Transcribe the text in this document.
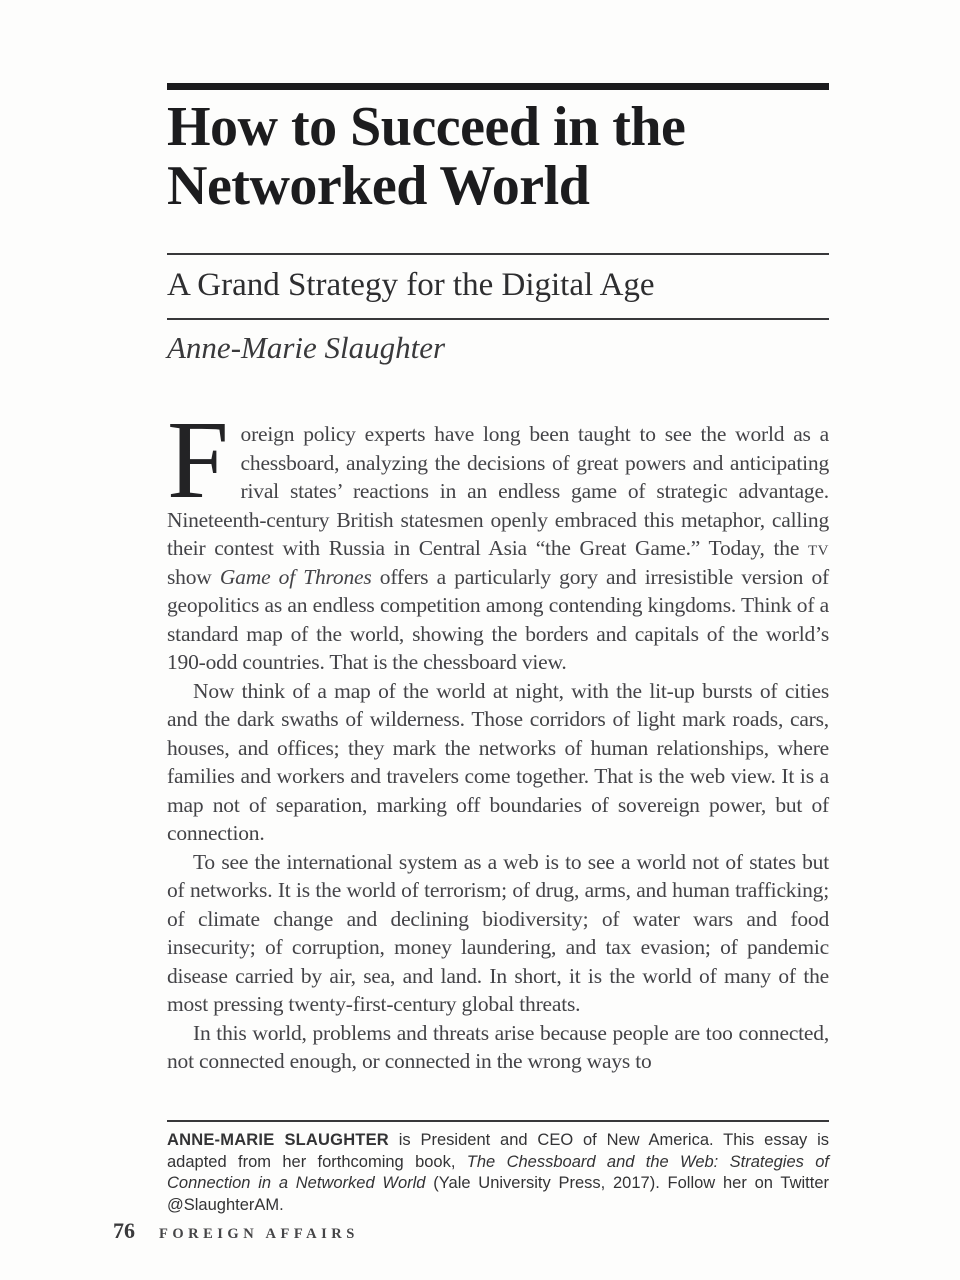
How to Succeed in the Networked World
A Grand Strategy for the Digital Age
Anne-Marie Slaughter

Foreign policy experts have long been taught to see the world as a chessboard, analyzing the decisions of great powers and anticipating rival states’ reactions in an endless game of strategic advantage. Nineteenth-century British statesmen openly embraced this metaphor, calling their contest with Russia in Central Asia “the Great Game.” Today, the tv show Game of Thrones offers a particularly gory and irresistible version of geopolitics as an endless competition among contending kingdoms. Think of a standard map of the world, showing the borders and capitals of the world’s 190-odd countries. That is the chessboard view.

Now think of a map of the world at night, with the lit-up bursts of cities and the dark swaths of wilderness. Those corridors of light mark roads, cars, houses, and offices; they mark the networks of human relationships, where families and workers and travelers come together. That is the web view. It is a map not of separation, marking off boundaries of sovereign power, but of connection.

To see the international system as a web is to see a world not of states but of networks. It is the world of terrorism; of drug, arms, and human trafficking; of climate change and declining biodiversity; of water wars and food insecurity; of corruption, money laundering, and tax evasion; of pandemic disease carried by air, sea, and land. In short, it is the world of many of the most pressing twenty-first-century global threats.

In this world, problems and threats arise because people are too connected, not connected enough, or connected in the wrong ways to

ANNE-MARIE SLAUGHTER is President and CEO of New America. This essay is adapted from her forthcoming book, The Chessboard and the Web: Strategies of Connection in a Networked World (Yale University Press, 2017). Follow her on Twitter @SlaughterAM.
76 FOREIGN AFFAIRS
